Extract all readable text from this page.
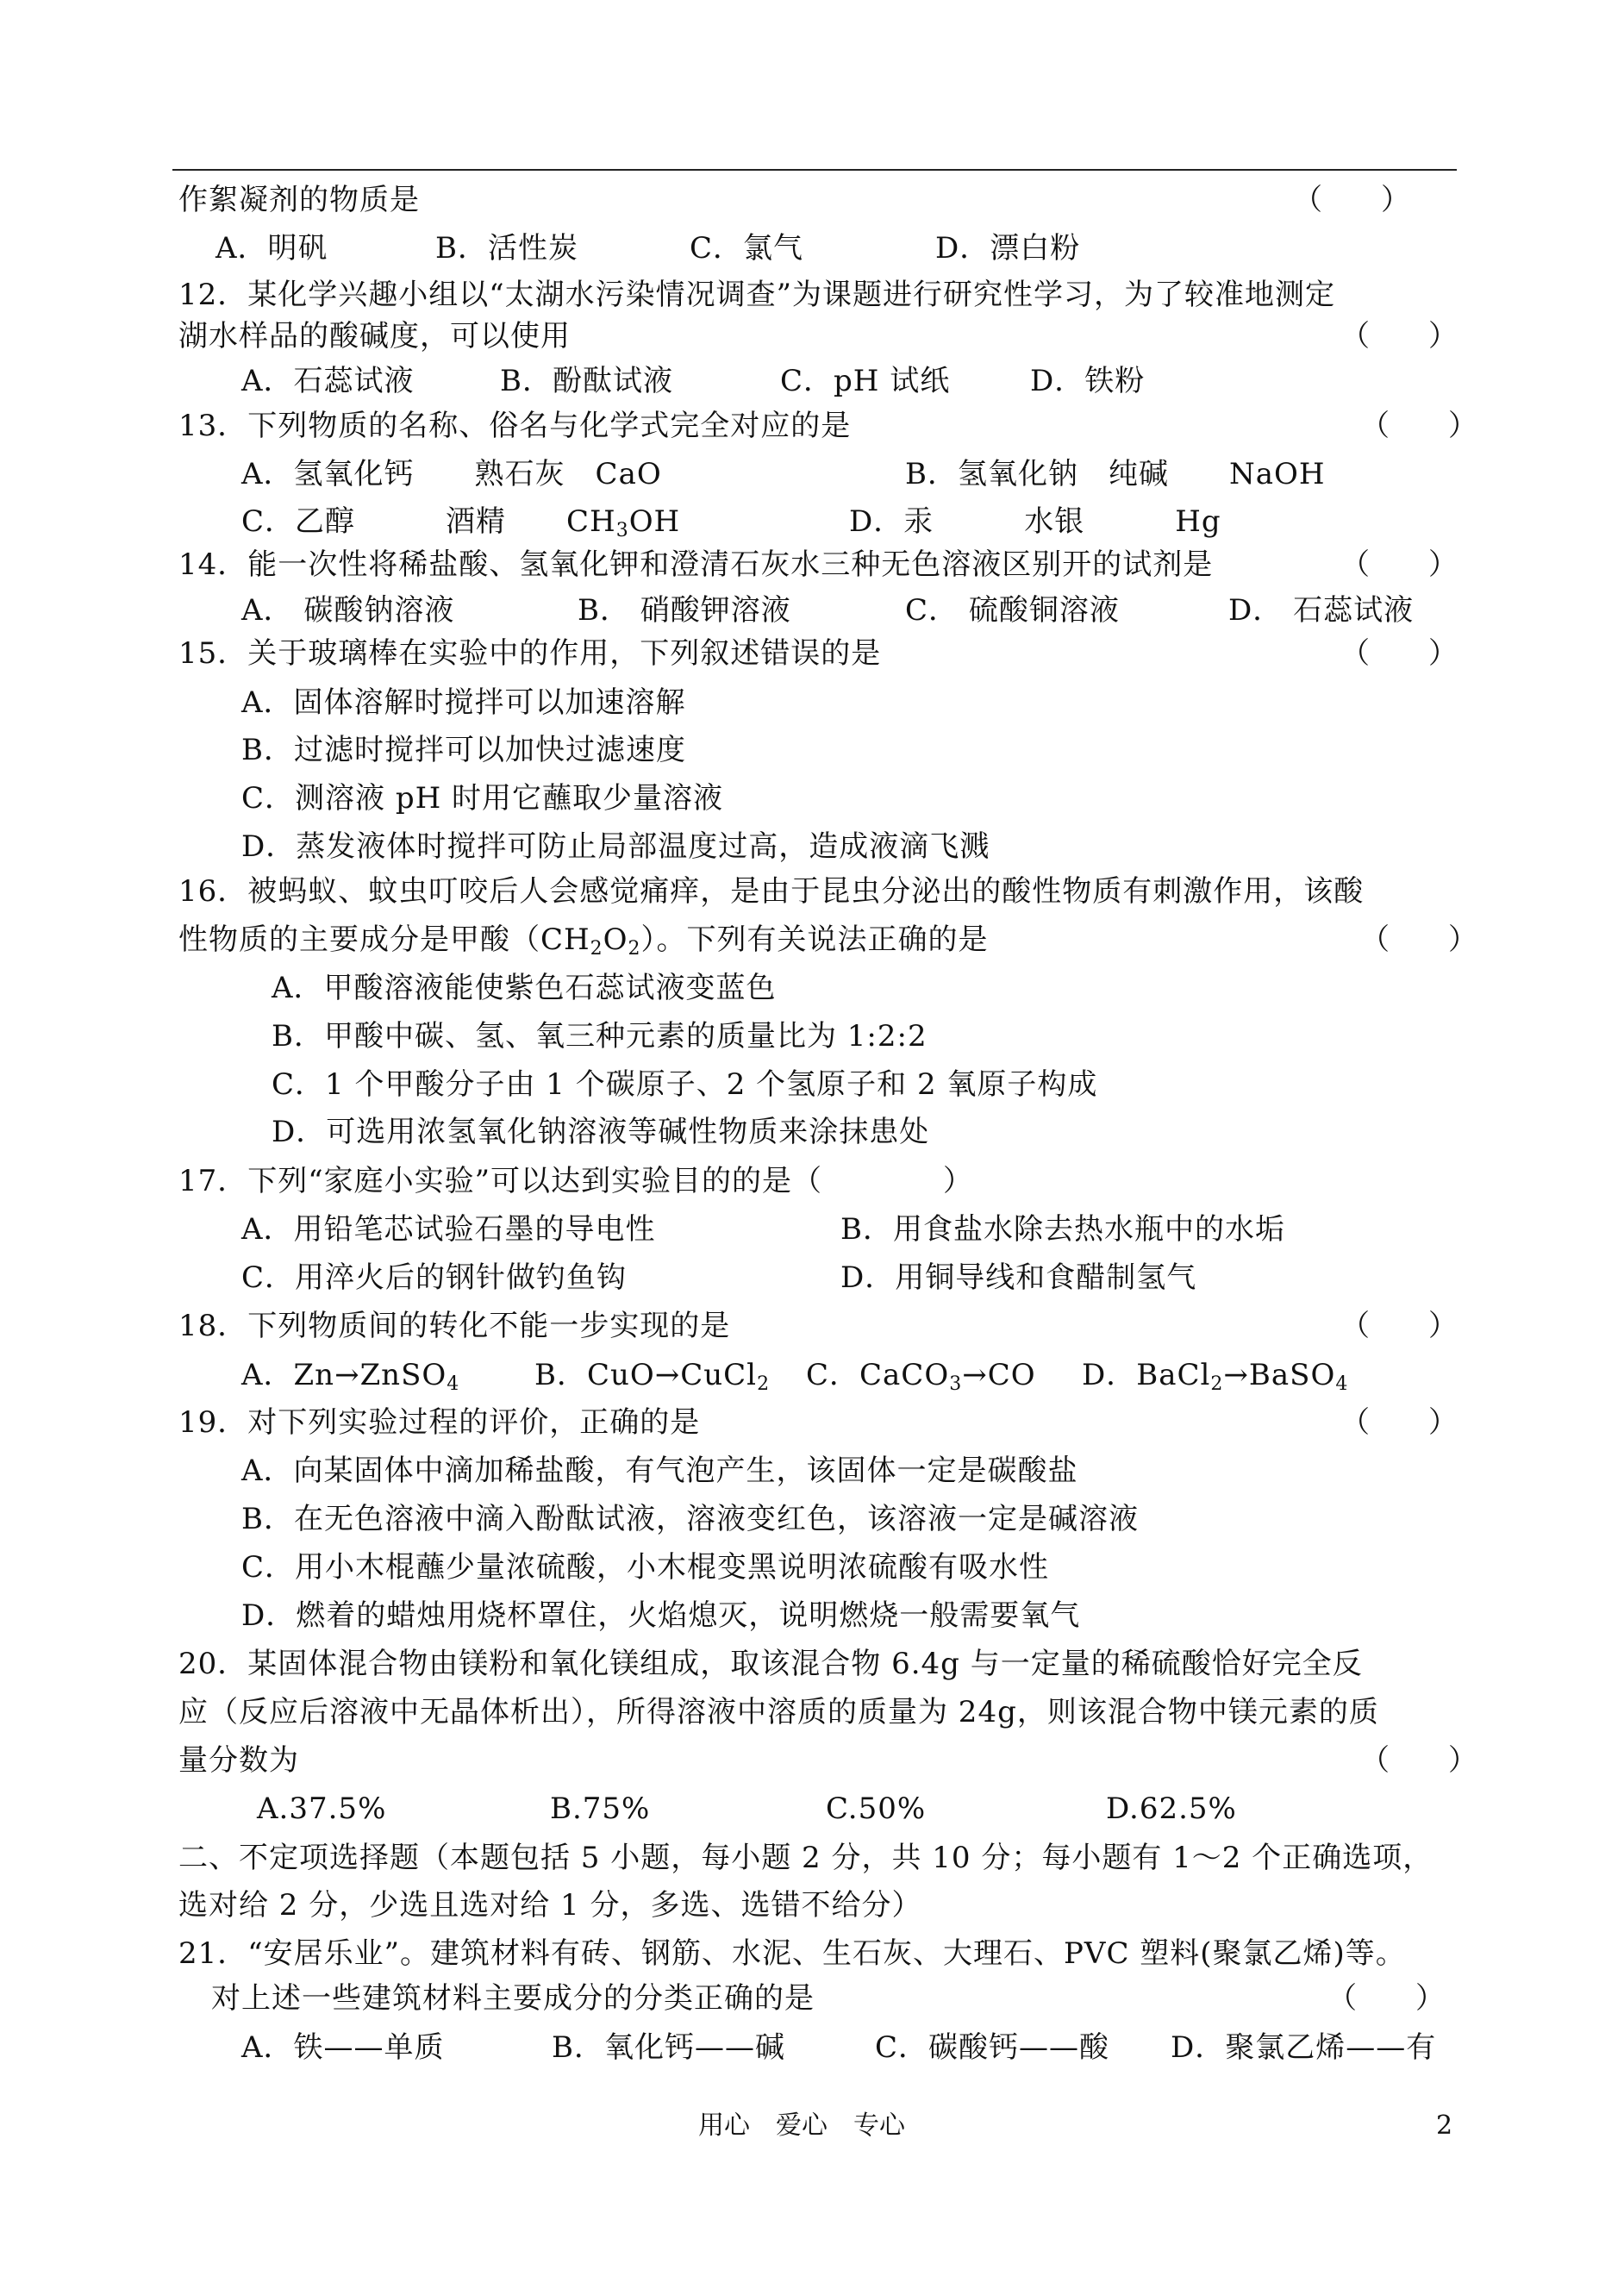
作絮凝剂的物质是	（　　）
A．明矾	B．活性炭	C．氯气	D．漂白粉
12．某化学兴趣小组以“太湖水污染情况调查”为课题进行研究性学习，为了较准地测定
湖水样品的酸碱度，可以使用	（　　）
A．石蕊试液	B．酚酞试液	C．pH 试纸	D．铁粉
13．下列物质的名称、俗名与化学式完全对应的是	（　　）
A．氢氧化钙　　熟石灰　CaO	B．氢氧化钠　纯碱　　NaOH
C．乙醇　　　酒精　　$CH_3OH$	D．汞　　　水银　　　Hg
14．能一次性将稀盐酸、氢氧化钾和澄清石灰水三种无色溶液区别开的试剂是	（　　）
A． 碳酸钠溶液	B． 硝酸钾溶液	C． 硫酸铜溶液	D． 石蕊试液
15．关于玻璃棒在实验中的作用，下列叙述错误的是	（　　）
A．固体溶解时搅拌可以加速溶解
B．过滤时搅拌可以加快过滤速度
C．测溶液 pH 时用它蘸取少量溶液
D．蒸发液体时搅拌可防止局部温度过高，造成液滴飞溅
16．被蚂蚁、蚊虫叮咬后人会感觉痛痒，是由于昆虫分泌出的酸性物质有刺激作用，该酸
性物质的主要成分是甲酸$(CH_2O_2)$。下列有关说法正确的是	（　　）
A．甲酸溶液能使紫色石蕊试液变蓝色
B．甲酸中碳、氢、氧三种元素的质量比为 1:2:2
C．1 个甲酸分子由 1 个碳原子、2 个氢原子和 2 氧原子构成
D．可选用浓氢氧化钠溶液等碱性物质来涂抹患处
17．下列“家庭小实验”可以达到实验目的的是（　　　　）
A．用铅笔芯试验石墨的导电性	B．用食盐水除去热水瓶中的水垢
C．用淬火后的钢针做钓鱼钩	D．用铜导线和食醋制氢气
18．下列物质间的转化不能一步实现的是	（　　）
A．Zn→ZnSO$_4$	B．CuO→CuCl$_2$ C．CaCO$_3$→CO D．BaCl$_2$→BaSO$_4$
19．对下列实验过程的评价，正确的是	（　　）
A．向某固体中滴加稀盐酸，有气泡产生，该固体一定是碳酸盐
B．在无色溶液中滴入酚酞试液，溶液变红色，该溶液一定是碱溶液
C．用小木棍蘸少量浓硫酸，小木棍变黑说明浓硫酸有吸水性
D．燃着的蜡烛用烧杯罩住，火焰熄灭，说明燃烧一般需要氧气
20．某固体混合物由镁粉和氧化镁组成，取该混合物 6.4g 与一定量的稀硫酸恰好完全反
应（反应后溶液中无晶体析出），所得溶液中溶质的质量为 24g，则该混合物中镁元素的质
量分数为	（　　）
A.37.5%	B.75%	C.50%	D.62.5%
二、不定项选择题（本题包括 5 小题，每小题 2 分，共 10 分；每小题有 1～2 个正确选项，
选对给 2 分，少选且选对给 1 分，多选、选错不给分）
21．“安居乐业”。建筑材料有砖、钢筋、水泥、生石灰、大理石、PVC 塑料(聚氯乙烯)等。
对上述一些建筑材料主要成分的分类正确的是	（　　）
A．铁——单质	B．氧化钙——碱	C．碳酸钙——酸 D．聚氯乙烯——有
用心　爱心　专心	2
